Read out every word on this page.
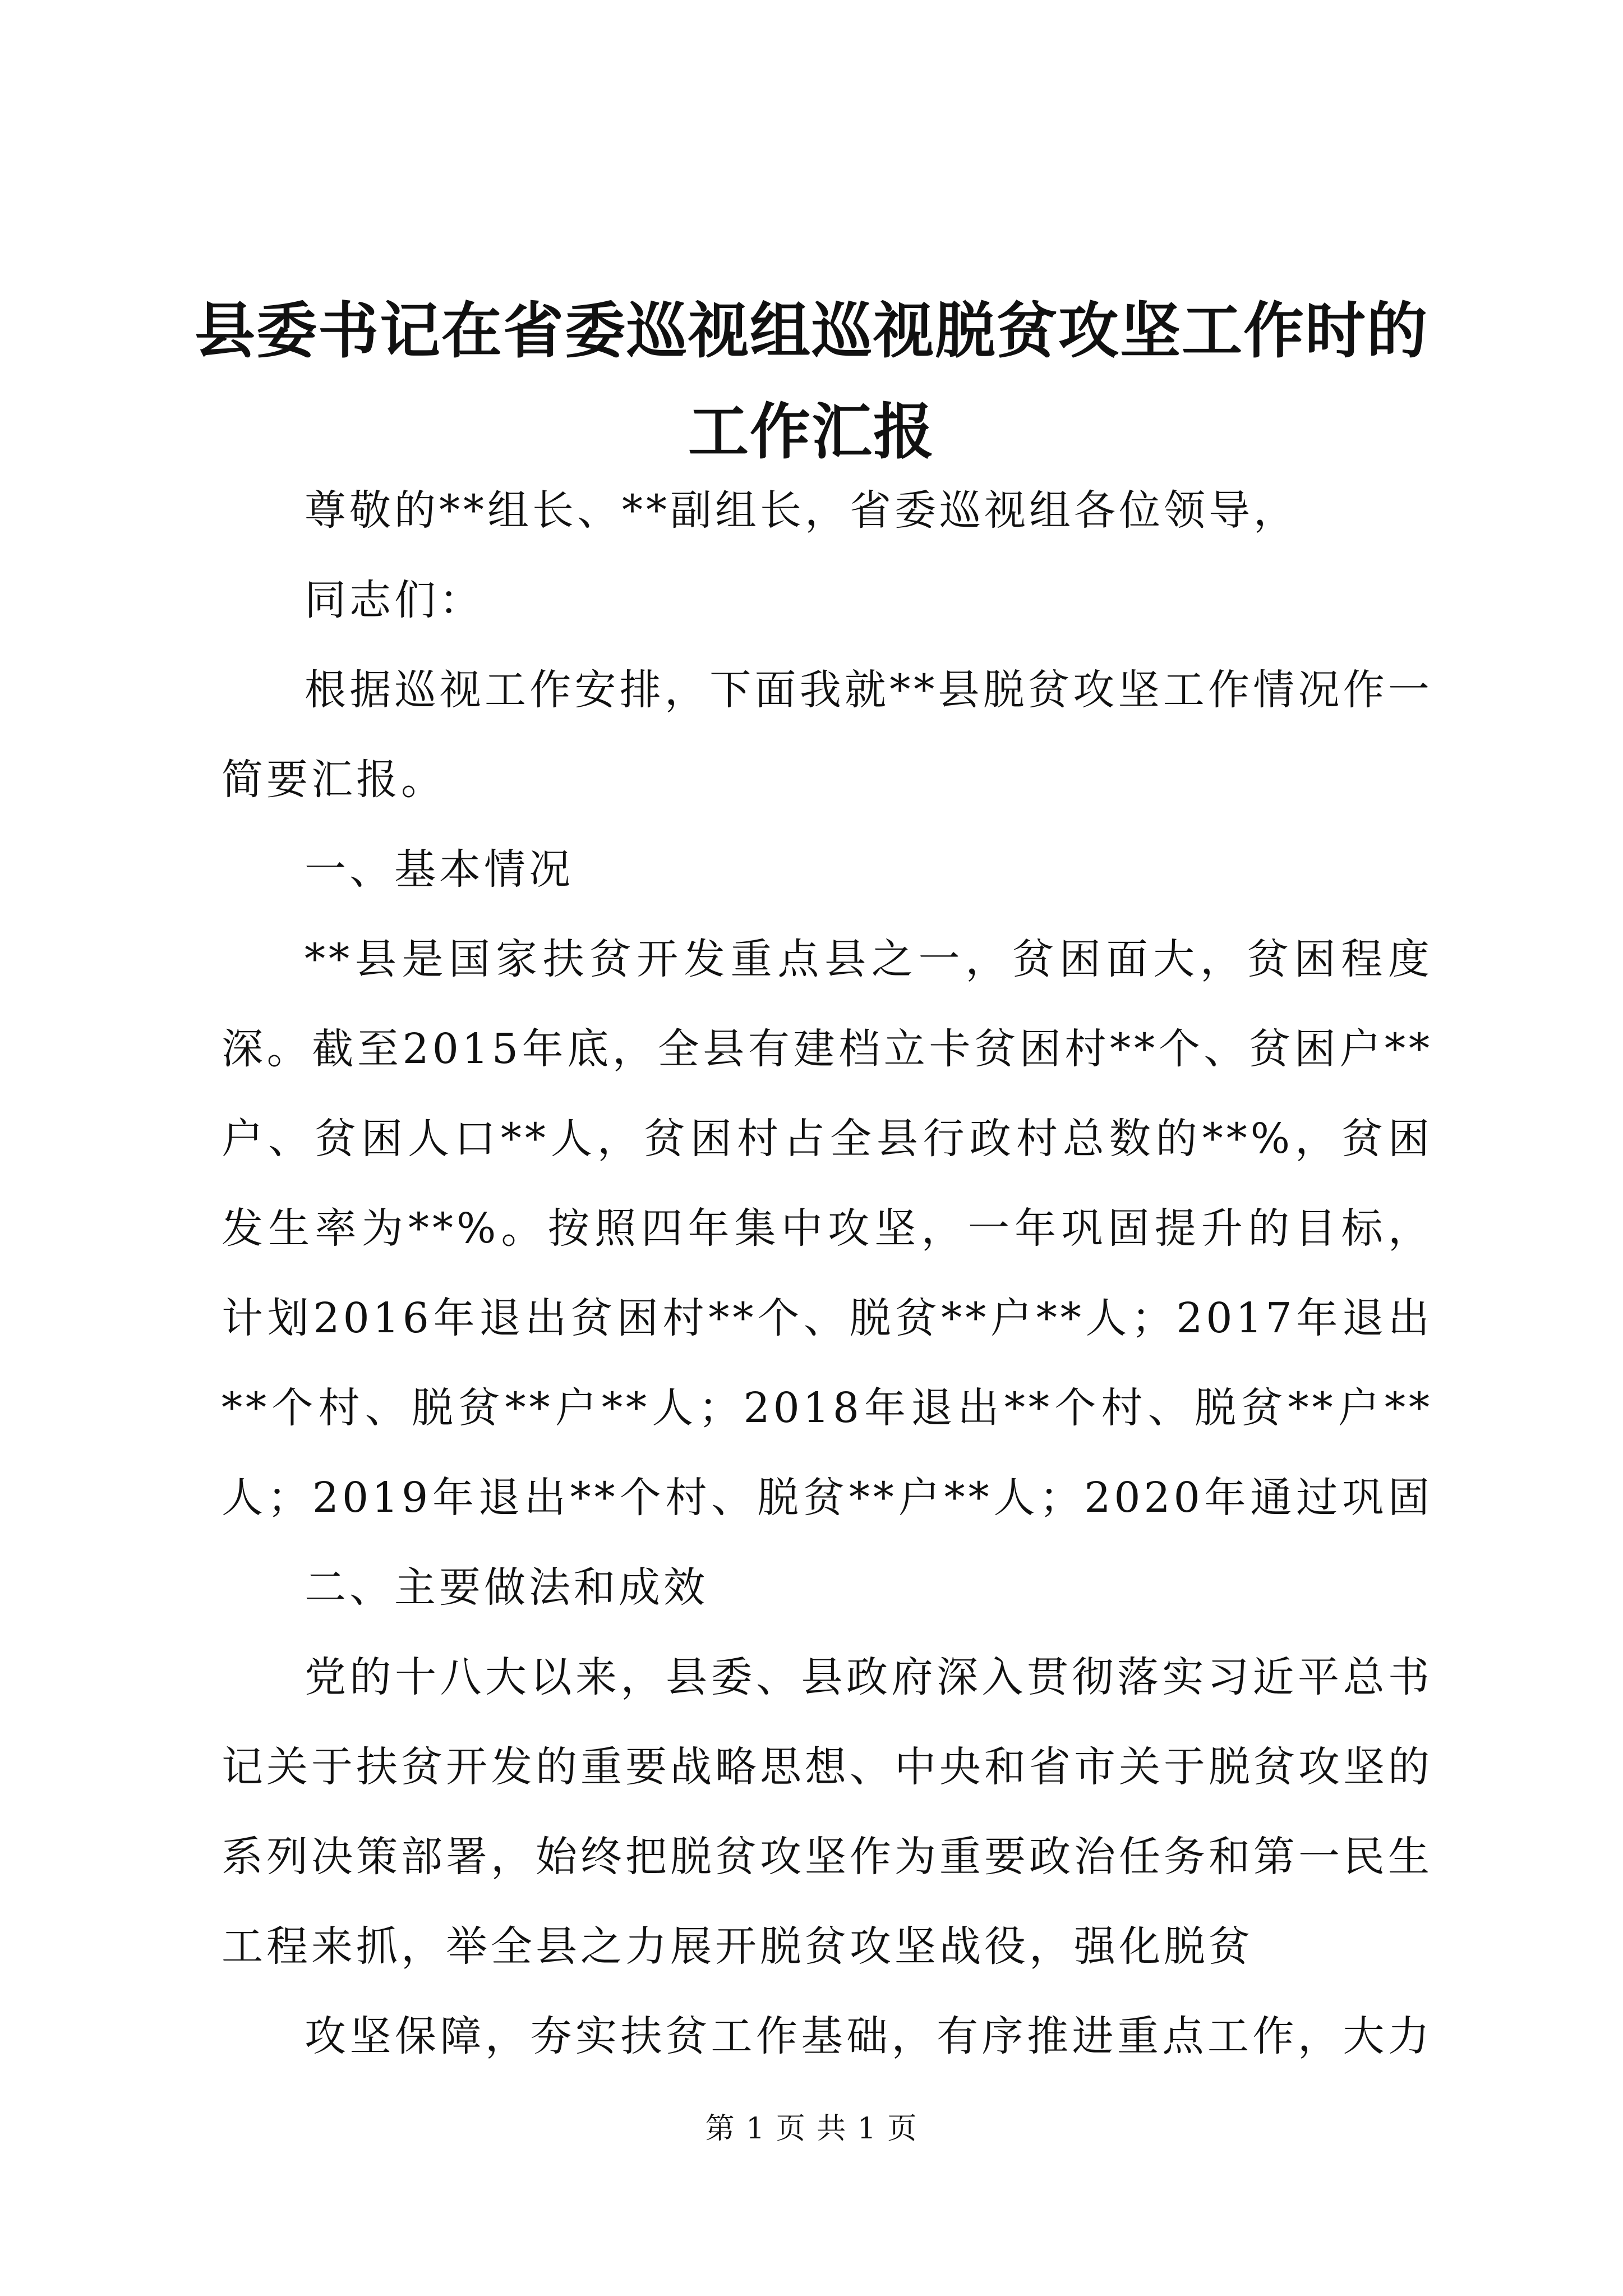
县委书记在省委巡视组巡视脱贫攻坚工作时的
工作汇报

尊敬的**组长、**副组长，省委巡视组各位领导，

同志们：

根据巡视工作安排，下面我就**县脱贫攻坚工作情况作一简要汇报。

一、基本情况

**县是国家扶贫开发重点县之一，贫困面大，贫困程度深。截至2015年底，全县有建档立卡贫困村**个、贫困户**户、贫困人口**人，贫困村占全县行政村总数的**%，贫困发生率为**%。按照四年集中攻坚，一年巩固提升的目标，计划2016年退出贫困村**个、脱贫**户**人；2017年退出**个村、脱贫**户**人；2018年退出**个村、脱贫**户**人；2019年退出**个村、脱贫**户**人；2020年通过巩固

二、主要做法和成效

党的十八大以来，县委、县政府深入贯彻落实习近平总书记关于扶贫开发的重要战略思想、中央和省市关于脱贫攻坚的系列决策部署，始终把脱贫攻坚作为重要政治任务和第一民生工程来抓，举全县之力展开脱贫攻坚战役，强化脱贫

攻坚保障，夯实扶贫工作基础，有序推进重点工作，大力

第 1 页 共 1 页
